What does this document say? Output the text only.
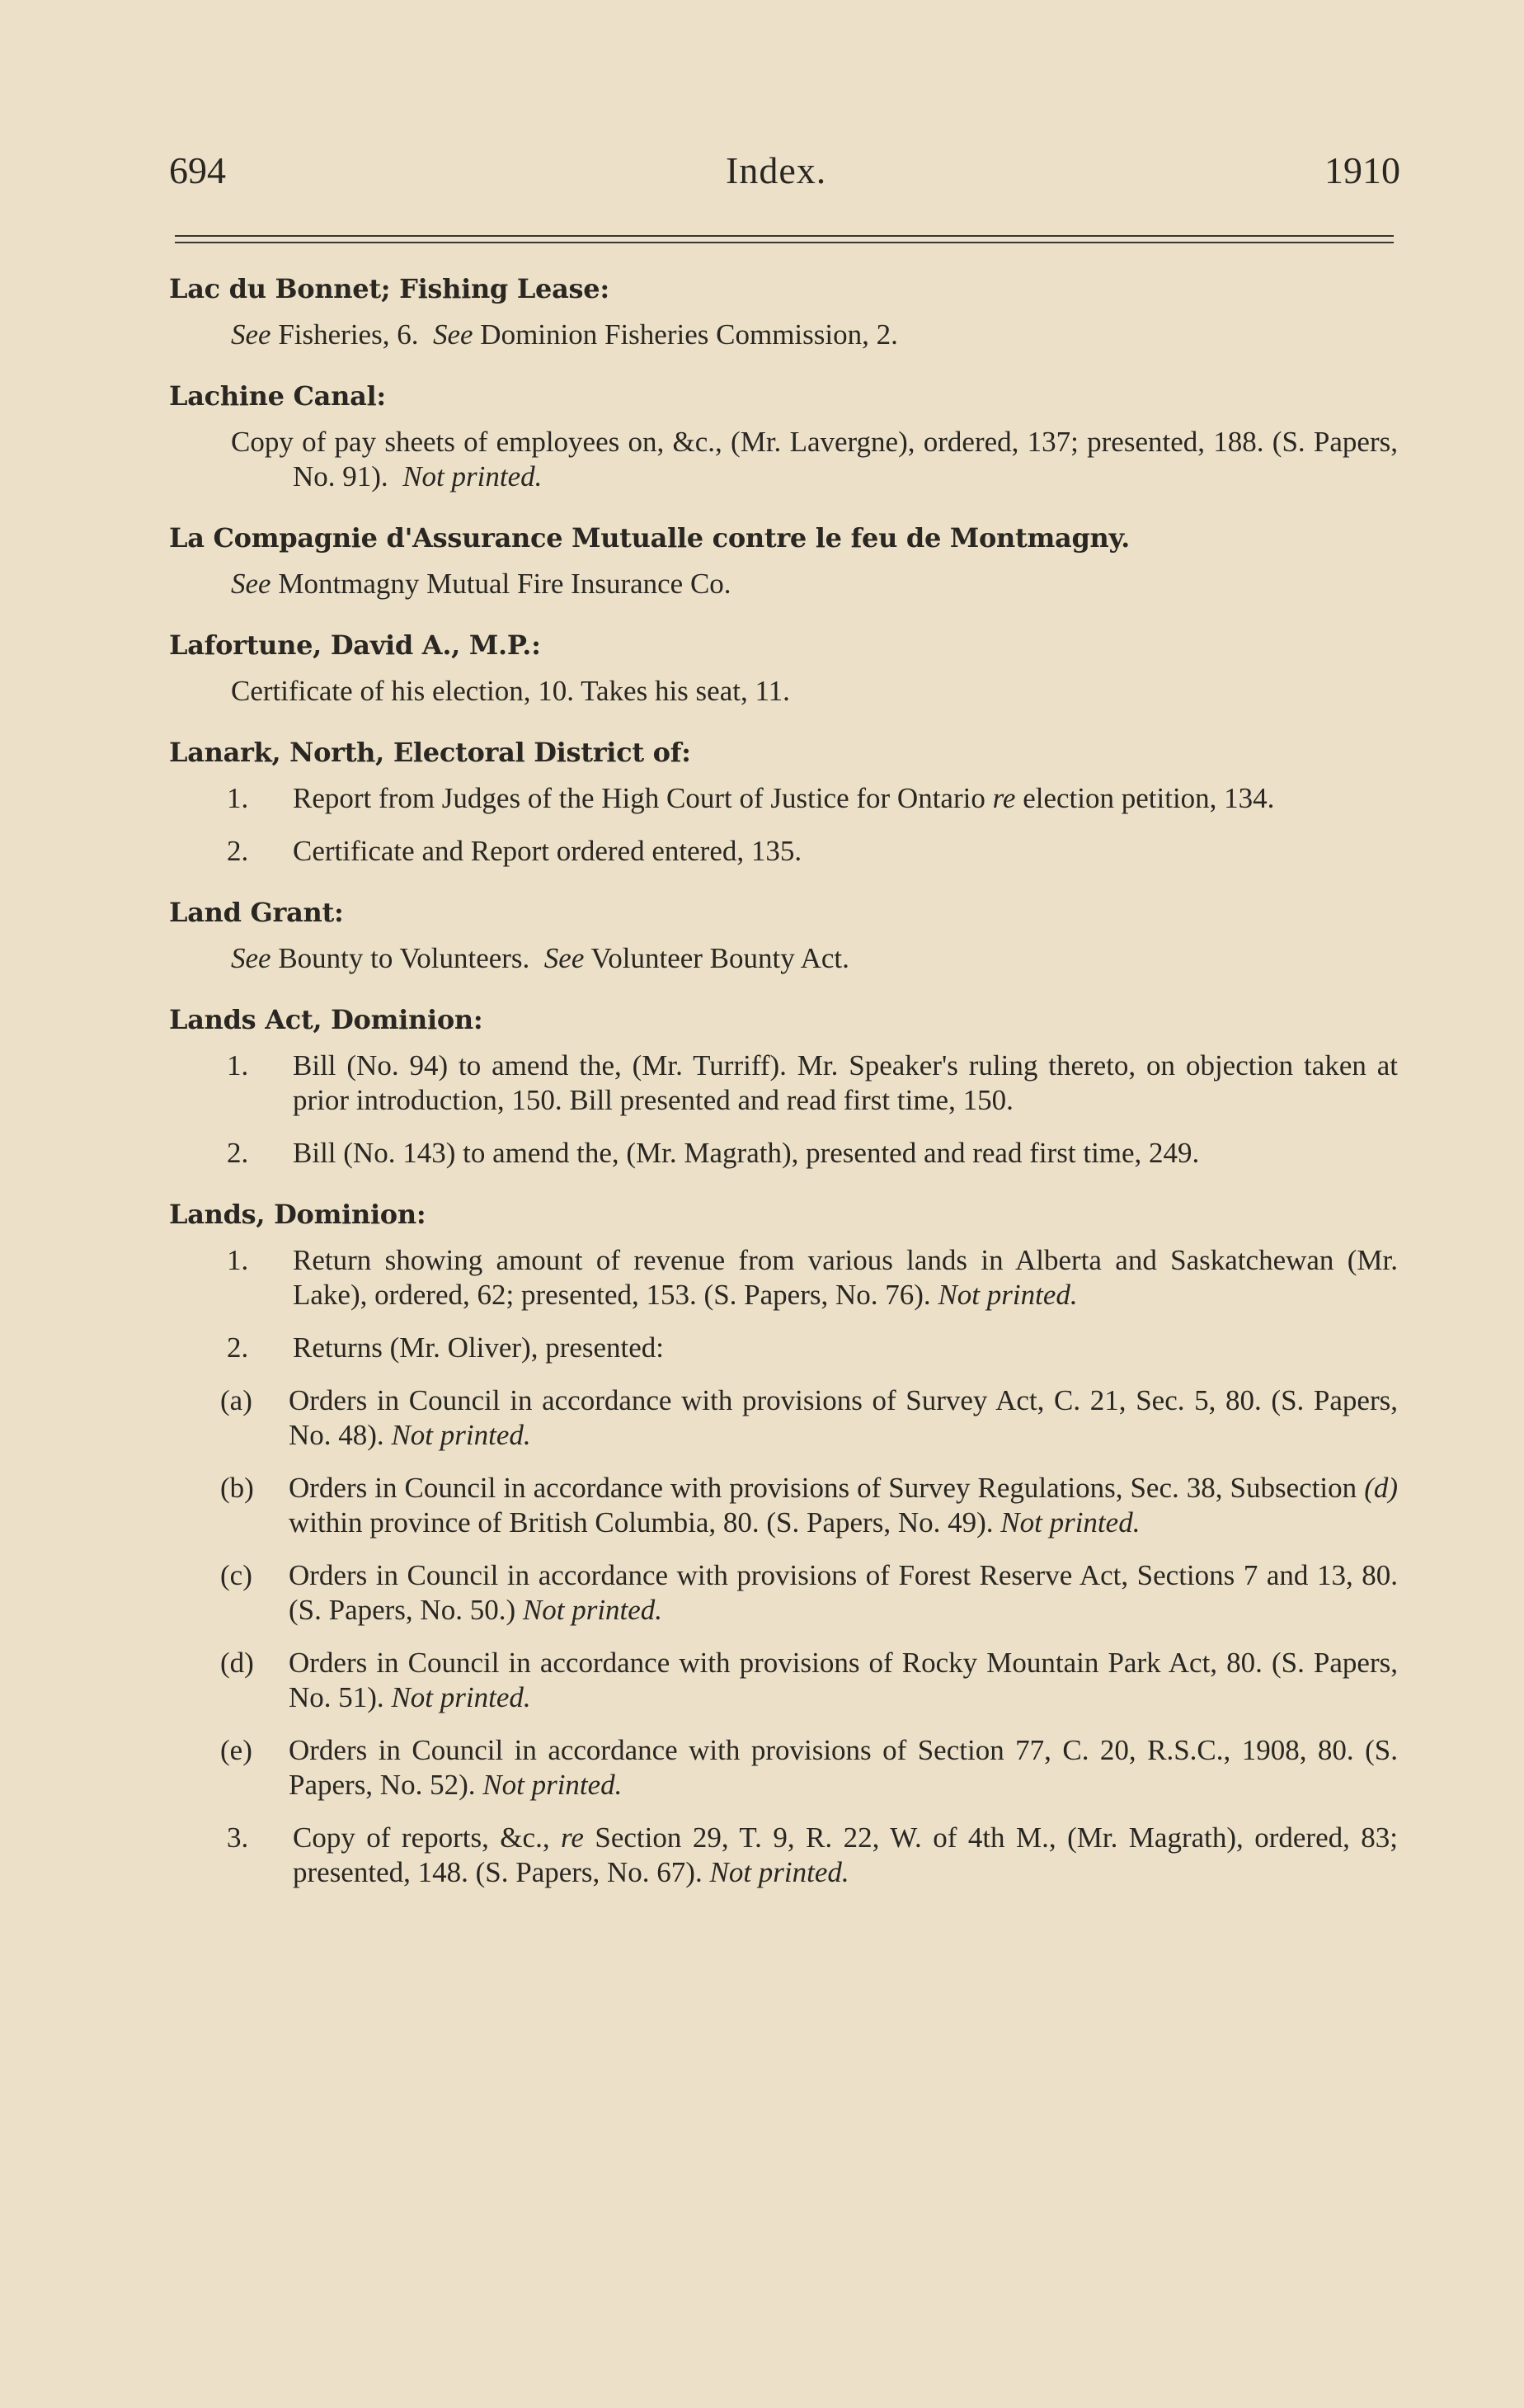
694	Index.	1910
Lac du Bonnet; Fishing Lease:
See Fisheries, 6. See Dominion Fisheries Commission, 2.
Lachine Canal:
Copy of pay sheets of employees on, &c., (Mr. Lavergne), ordered, 137; presented, 188. (S. Papers, No. 91). Not printed.
La Compagnie d'Assurance Mutualle contre le feu de Montmagny.
See Montmagny Mutual Fire Insurance Co.
Lafortune, David A., M.P.:
Certificate of his election, 10. Takes his seat, 11.
Lanark, North, Electoral District of:
1. Report from Judges of the High Court of Justice for Ontario re election petition, 134.
2. Certificate and Report ordered entered, 135.
Land Grant:
See Bounty to Volunteers. See Volunteer Bounty Act.
Lands Act, Dominion:
1. Bill (No. 94) to amend the, (Mr. Turriff). Mr. Speaker's ruling thereto, on objection taken at prior introduction, 150. Bill presented and read first time, 150.
2. Bill (No. 143) to amend the, (Mr. Magrath), presented and read first time, 249.
Lands, Dominion:
1. Return showing amount of revenue from various lands in Alberta and Saskatchewan (Mr. Lake), ordered, 62; presented, 153. (S. Papers, No. 76). Not printed.
2. Returns (Mr. Oliver), presented:
(a) Orders in Council in accordance with provisions of Survey Act, C. 21, Sec. 5, 80. (S. Papers, No. 48). Not printed.
(b) Orders in Council in accordance with provisions of Survey Regulations, Sec. 38, Subsection (d) within province of British Columbia, 80. (S. Papers, No. 49). Not printed.
(c) Orders in Council in accordance with provisions of Forest Reserve Act, Sections 7 and 13, 80. (S. Papers, No. 50.) Not printed.
(d) Orders in Council in accordance with provisions of Rocky Mountain Park Act, 80. (S. Papers, No. 51). Not printed.
(e) Orders in Council in accordance with provisions of Section 77, C. 20, R.S.C., 1908, 80. (S. Papers, No. 52). Not printed.
3. Copy of reports, &c., re Section 29, T. 9, R. 22, W. of 4th M., (Mr. Magrath), ordered, 83; presented, 148. (S. Papers, No. 67). Not printed.
